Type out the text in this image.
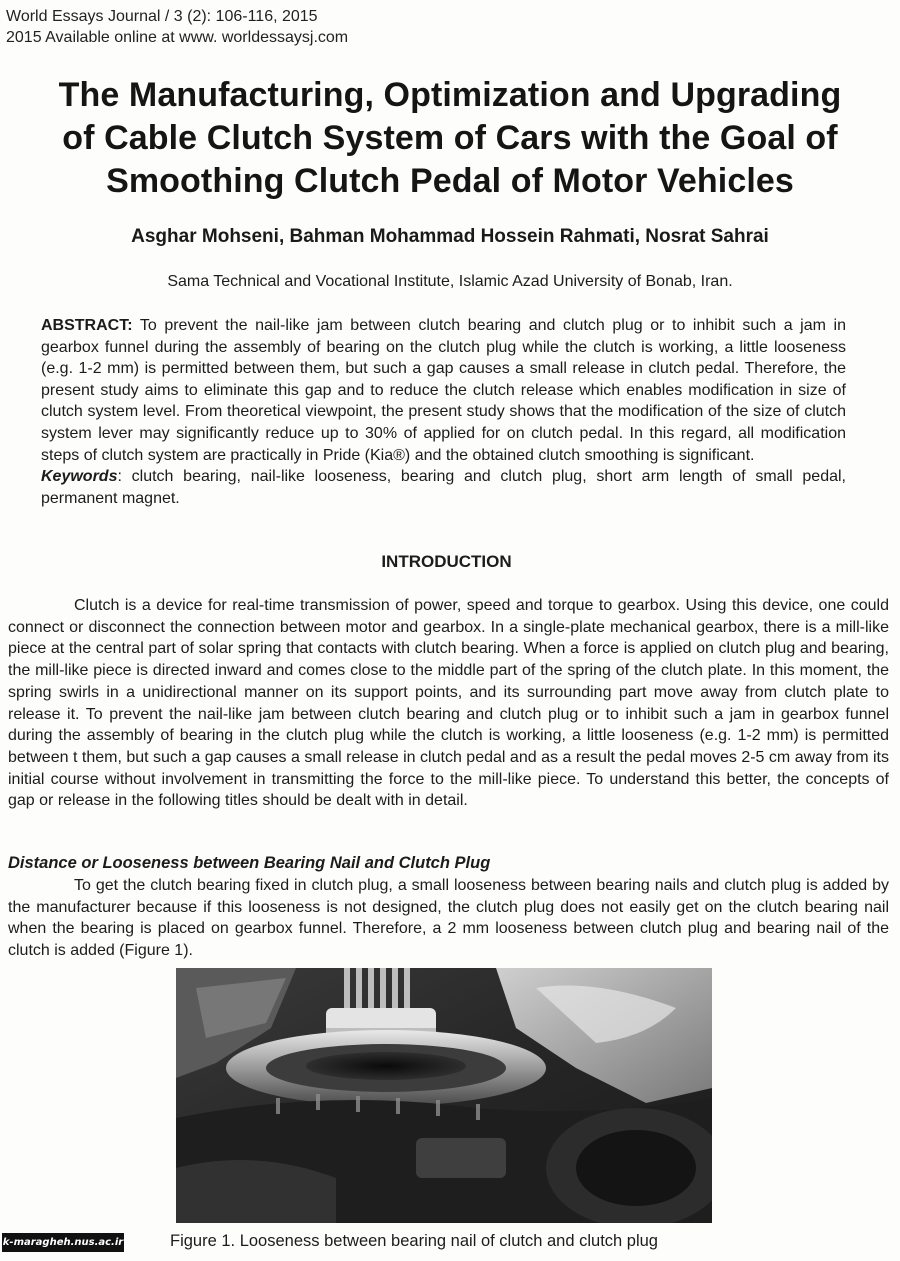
World Essays Journal / 3 (2): 106-116, 2015
2015 Available online at www. worldessaysj.com
The Manufacturing, Optimization and Upgrading
of Cable Clutch System of Cars with the Goal of
Smoothing Clutch Pedal of Motor Vehicles
Asghar Mohseni, Bahman Mohammad Hossein Rahmati, Nosrat Sahrai
Sama Technical and Vocational Institute, Islamic Azad University of Bonab, Iran.

ABSTRACT: To prevent the nail-like jam between clutch bearing and clutch plug or to inhibit such a jam in gearbox funnel during the assembly of bearing on the clutch plug while the clutch is working, a little looseness (e.g. 1-2 mm) is permitted between them, but such a gap causes a small release in clutch pedal. Therefore, the present study aims to eliminate this gap and to reduce the clutch release which enables modification in size of clutch system level. From theoretical viewpoint, the present study shows that the modification of the size of clutch system lever may significantly reduce up to 30% of applied for on clutch pedal. In this regard, all modification steps of clutch system are practically in Pride (Kia®) and the obtained clutch smoothing is significant.

Keywords: clutch bearing, nail-like looseness, bearing and clutch plug, short arm length of small pedal, permanent magnet.

INTRODUCTION

Clutch is a device for real-time transmission of power, speed and torque to gearbox. Using this device, one could connect or disconnect the connection between motor and gearbox. In a single-plate mechanical gearbox, there is a mill-like piece at the central part of solar spring that contacts with clutch bearing. When a force is applied on clutch plug and bearing, the mill-like piece is directed inward and comes close to the middle part of the spring of the clutch plate. In this moment, the spring swirls in a unidirectional manner on its support points, and its surrounding part move away from clutch plate to release it. To prevent the nail-like jam between clutch bearing and clutch plug or to inhibit such a jam in gearbox funnel during the assembly of bearing in the clutch plug while the clutch is working, a little looseness (e.g. 1-2 mm) is permitted between t them, but such a gap causes a small release in clutch pedal and as a result the pedal moves 2-5 cm away from its initial course without involvement in transmitting the force to the mill-like piece. To understand this better, the concepts of gap or release in the following titles should be dealt with in detail.

Distance or Looseness between Bearing Nail and Clutch Plug

To get the clutch bearing fixed in clutch plug, a small looseness between bearing nails and clutch plug is added by the manufacturer because if this looseness is not designed, the clutch plug does not easily get on the clutch bearing nail when the bearing is placed on gearbox funnel. Therefore, a 2 mm looseness between clutch plug and bearing nail of the clutch is added (Figure 1).

Figure 1. Looseness between bearing nail of clutch and clutch plug
k-maragheh.nus.ac.ir
